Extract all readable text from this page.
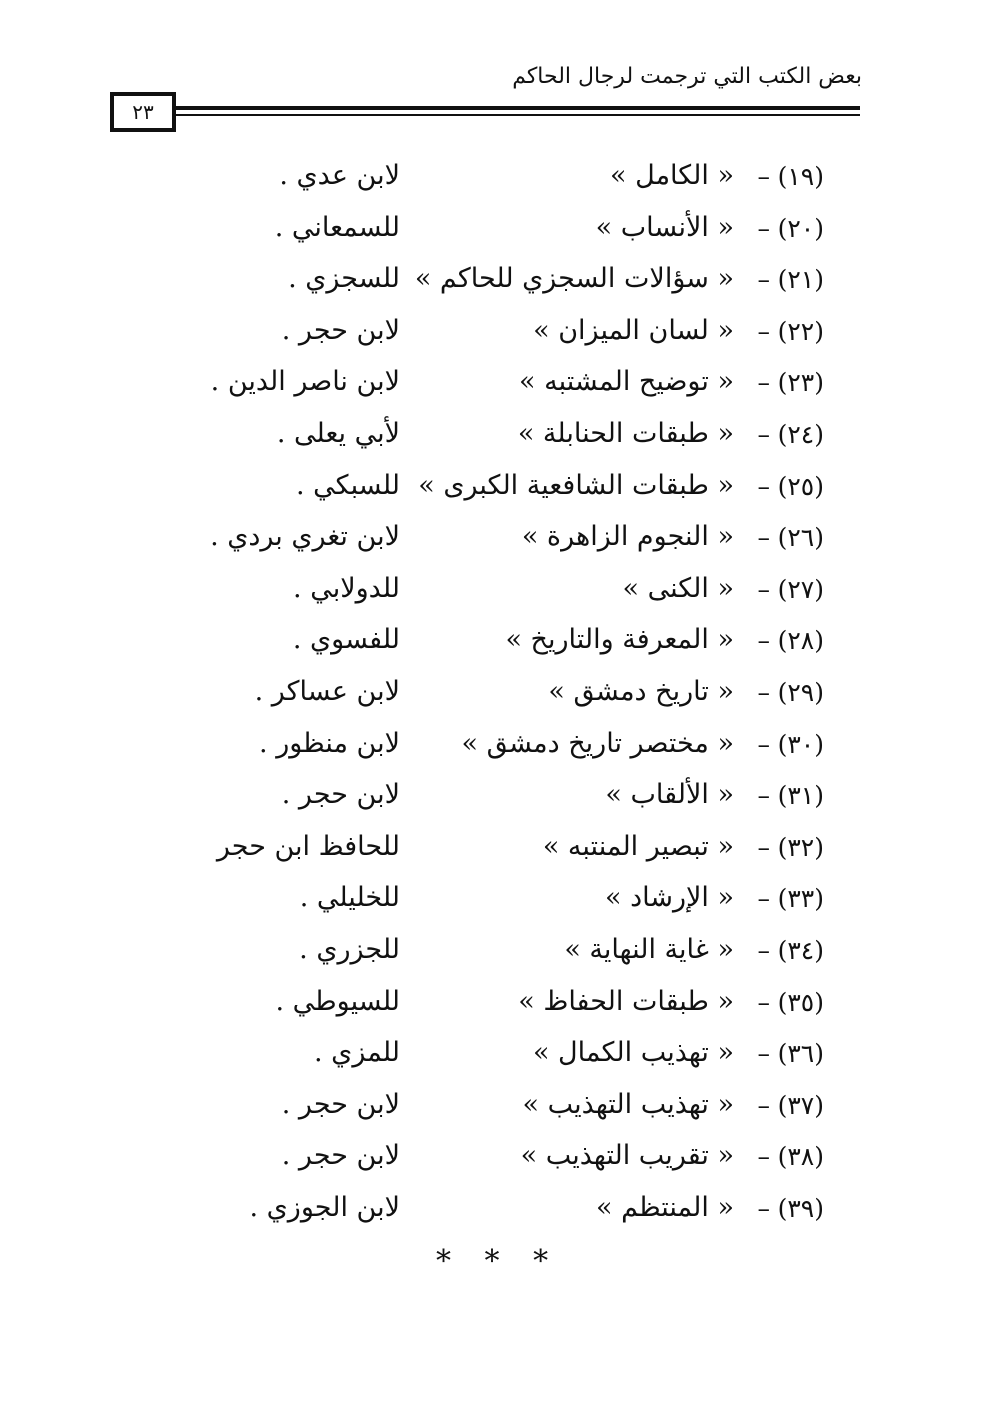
بعض الكتب التي ترجمت لرجال الحاكم
٢٣
(١٩)
–
« الكامل »
لابن عدي .
(٢٠)
–
« الأنساب »
للسمعاني .
(٢١)
–
« سؤالات السجزي للحاكم »
للسجزي .
(٢٢)
–
« لسان الميزان »
لابن حجر .
(٢٣)
–
« توضيح المشتبه »
لابن ناصر الدين .
(٢٤)
–
« طبقات الحنابلة »
لأبي يعلى .
(٢٥)
–
« طبقات الشافعية الكبرى »
للسبكي .
(٢٦)
–
« النجوم الزاهرة »
لابن تغري بردي .
(٢٧)
–
« الكنى »
للدولابي .
(٢٨)
–
« المعرفة والتاريخ »
للفسوي .
(٢٩)
–
« تاريخ دمشق »
لابن عساكر .
(٣٠)
–
« مختصر تاريخ دمشق »
لابن منظور .
(٣١)
–
« الألقاب »
لابن حجر .
(٣٢)
–
« تبصير المنتبه »
للحافظ ابن حجر
(٣٣)
–
« الإرشاد »
للخليلي .
(٣٤)
–
« غاية النهاية »
للجزري .
(٣٥)
–
« طبقات الحفاظ »
للسيوطي .
(٣٦)
–
« تهذيب الكمال »
للمزي .
(٣٧)
–
« تهذيب التهذيب »
لابن حجر .
(٣٨)
–
« تقريب التهذيب »
لابن حجر .
(٣٩)
–
« المنتظم »
لابن الجوزي .
* * *
